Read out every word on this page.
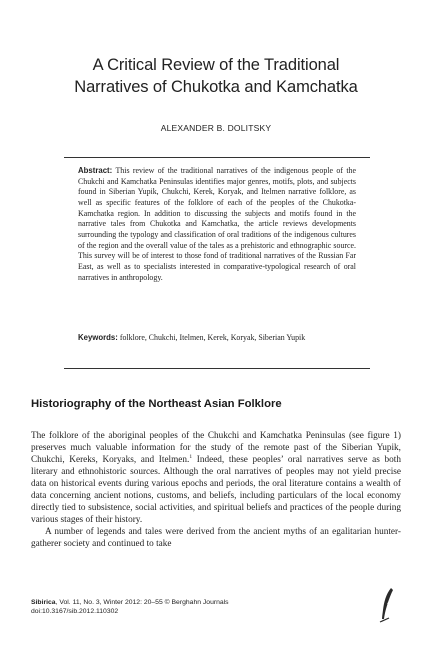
A Critical Review of the Traditional
Narratives of Chukotka and Kamchatka
ALEXANDER B. DOLITSKY
Abstract: This review of the traditional narratives of the indigenous people of the Chukchi and Kamchatka Peninsulas identifies major genres, motifs, plots, and subjects found in Siberian Yupik, Chukchi, Kerek, Koryak, and Itelmen narrative folklore, as well as specific features of the folklore of each of the peoples of the Chukotka-Kamchatka region. In addition to discussing the subjects and motifs found in the narrative tales from Chukotka and Kamchatka, the article reviews developments surrounding the typology and classification of oral traditions of the indigenous cultures of the region and the overall value of the tales as a prehistoric and ethnographic source. This survey will be of interest to those fond of traditional narratives of the Russian Far East, as well as to specialists interested in comparative-typological research of oral narratives in anthropology.
Keywords: folklore, Chukchi, Itelmen, Kerek, Koryak, Siberian Yupik
Historiography of the Northeast Asian Folklore

The folklore of the aboriginal peoples of the Chukchi and Kamchatka Peninsulas (see figure 1) preserves much valuable information for the study of the remote past of the Siberian Yupik, Chukchi, Kereks, Koryaks, and Itelmen.$^1$ Indeed, these peoples’ oral narratives serve as both literary and ethnohistoric sources. Although the oral narratives of peoples may not yield precise data on historical events during various epochs and periods, the oral literature contains a wealth of data concerning ancient notions, customs, and beliefs, including particulars of the local economy directly tied to subsistence, social activities, and spiritual beliefs and practices of the people during various stages of their history.

A number of legends and tales were derived from the ancient myths of an egalitarian hunter-gatherer society and continued to take

Sibirica, Vol. 11, No. 3, Winter 2012: 20–55 © Berghahn Journals
doi:10.3167/sib.2012.110302
